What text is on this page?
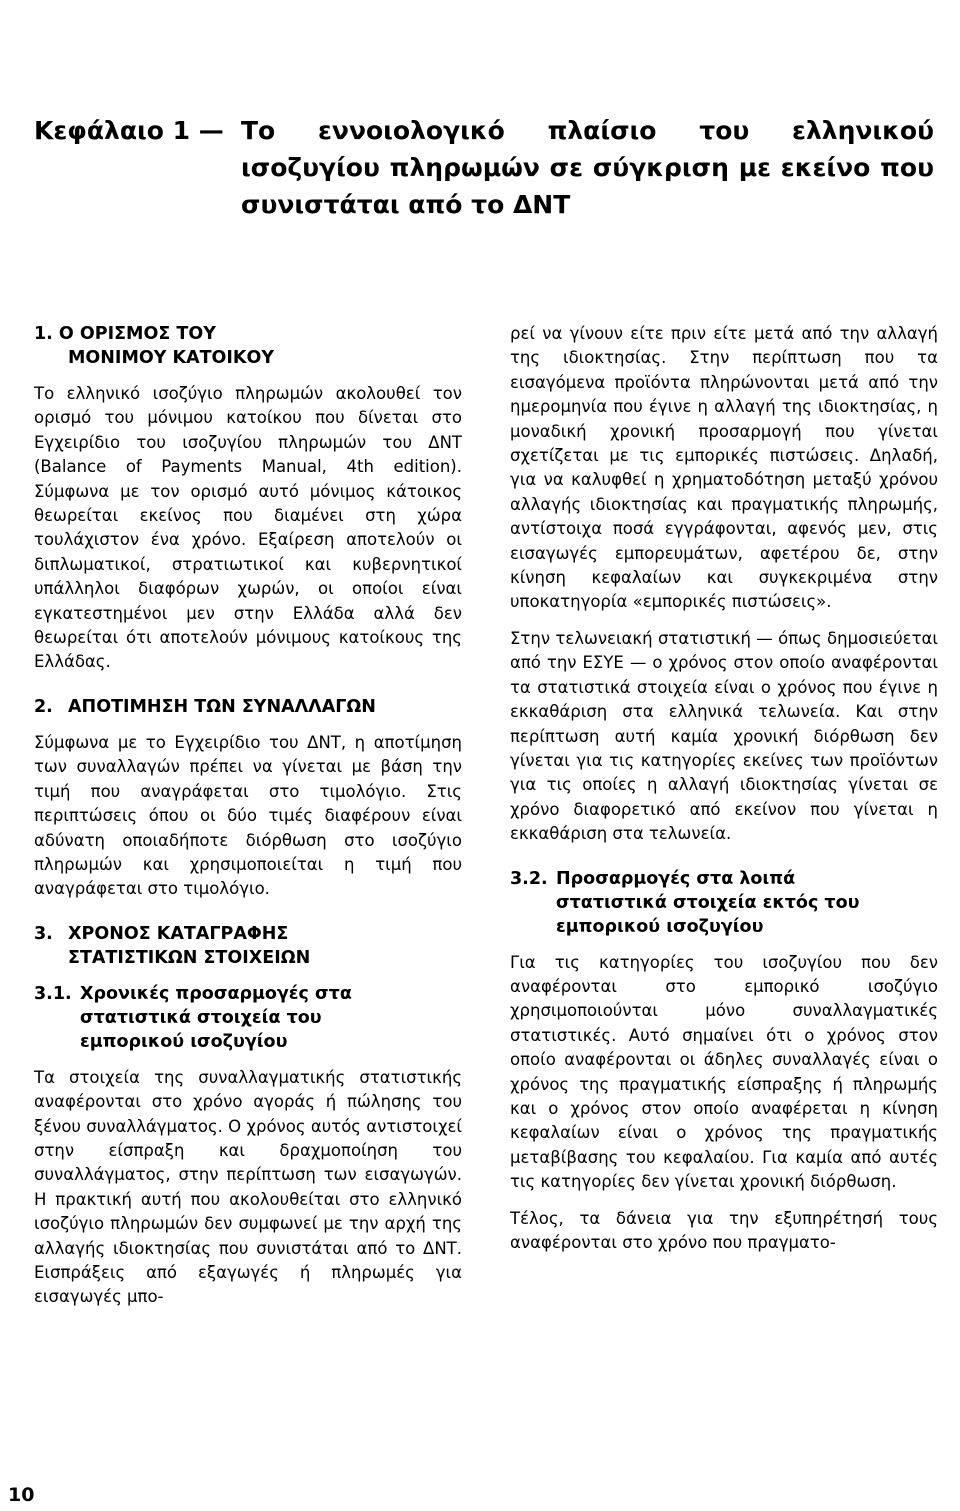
Κεφάλαιο 1 — Το εννοιολογικό πλαίσιο του ελληνικού ισοζυγίου πληρωμών σε σύγκριση με εκείνο που συνιστάται από το ΔΝΤ
1. Ο ΟΡΙΣΜΟΣ ΤΟΥ
ΜΟΝΙΜΟΥ ΚΑΤΟΙΚΟΥ

Το ελληνικό ισοζύγιο πληρωμών ακολουθεί τον ορισμό του μόνιμου κατοίκου που δίνεται στο Εγχειρίδιο του ισοζυγίου πληρωμών του ΔΝΤ (Balance of Payments Manual, 4th edition). Σύμφωνα με τον ορισμό αυτό μόνιμος κάτοικος θεωρείται εκείνος που διαμένει στη χώρα τουλάχιστον ένα χρόνο. Εξαίρεση αποτελούν οι διπλωματικοί, στρατιωτικοί και κυβερνητικοί υπάλληλοι διαφόρων χωρών, οι οποίοι είναι εγκατεστημένοι μεν στην Ελλάδα αλλά δεν θεωρείται ότι αποτελούν μόνιμους κατοίκους της Ελλάδας.

2. ΑΠΟΤΙΜΗΣΗ ΤΩΝ ΣΥΝΑΛΛΑΓΩΝ

Σύμφωνα με το Εγχειρίδιο του ΔΝΤ, η αποτίμηση των συναλλαγών πρέπει να γίνεται με βάση την τιμή που αναγράφεται στο τιμολόγιο. Στις περιπτώσεις όπου οι δύο τιμές διαφέρουν είναι αδύνατη οποιαδήποτε διόρθωση στο ισοζύγιο πληρωμών και χρησιμοποιείται η τιμή που αναγράφεται στο τιμολόγιο.

3. ΧΡΟΝΟΣ ΚΑΤΑΓΡΑΦΗΣ ΣΤΑΤΙΣΤΙΚΩΝ ΣΤΟΙΧΕΙΩΝ
3.1. Χρονικές προσαρμογές στα στατιστικά στοιχεία του εμπορικού ισοζυγίου

Τα στοιχεία της συναλλαγματικής στατιστικής αναφέρονται στο χρόνο αγοράς ή πώλησης του ξένου συναλλάγματος. Ο χρόνος αυτός αντιστοιχεί στην είσπραξη και δραχμοποίηση του συναλλάγματος, στην περίπτωση των εισαγωγών. Η πρακτική αυτή που ακολουθείται στο ελληνικό ισοζύγιο πληρωμών δεν συμφωνεί με την αρχή της αλλαγής ιδιοκτησίας που συνιστάται από το ΔΝΤ. Εισπράξεις από εξαγωγές ή πληρωμές για εισαγωγές μπο-

ρεί να γίνουν είτε πριν είτε μετά από την αλλαγή της ιδιοκτησίας. Στην περίπτωση που τα εισαγόμενα προϊόντα πληρώνονται μετά από την ημερομηνία που έγινε η αλλαγή της ιδιοκτησίας, η μοναδική χρονική προσαρμογή που γίνεται σχετίζεται με τις εμπορικές πιστώσεις. Δηλαδή, για να καλυφθεί η χρηματοδότηση μεταξύ χρόνου αλλαγής ιδιοκτησίας και πραγματικής πληρωμής, αντίστοιχα ποσά εγγράφονται, αφενός μεν, στις εισαγωγές εμπορευμάτων, αφετέρου δε, στην κίνηση κεφαλαίων και συγκεκριμένα στην υποκατηγορία «εμπορικές πιστώσεις».

Στην τελωνειακή στατιστική — όπως δημοσιεύεται από την ΕΣΥΕ — ο χρόνος στον οποίο αναφέρονται τα στατιστικά στοιχεία είναι ο χρόνος που έγινε η εκκαθάριση στα ελληνικά τελωνεία. Και στην περίπτωση αυτή καμία χρονική διόρθωση δεν γίνεται για τις κατηγορίες εκείνες των προϊόντων για τις οποίες η αλλαγή ιδιοκτησίας γίνεται σε χρόνο διαφορετικό από εκείνον που γίνεται η εκκαθάριση στα τελωνεία.

3.2. Προσαρμογές στα λοιπά στατιστικά στοιχεία εκτός του εμπορικού ισοζυγίου

Για τις κατηγορίες του ισοζυγίου που δεν αναφέρονται στο εμπορικό ισοζύγιο χρησιμοποιούνται μόνο συναλλαγματικές στατιστικές. Αυτό σημαίνει ότι ο χρόνος στον οποίο αναφέρονται οι άδηλες συναλλαγές είναι ο χρόνος της πραγματικής είσπραξης ή πληρωμής και ο χρόνος στον οποίο αναφέρεται η κίνηση κεφαλαίων είναι ο χρόνος της πραγματικής μεταβίβασης του κεφαλαίου. Για καμία από αυτές τις κατηγορίες δεν γίνεται χρονική διόρθωση.

Τέλος, τα δάνεια για την εξυπηρέτησή τους αναφέρονται στο χρόνο που πραγματο-

10
